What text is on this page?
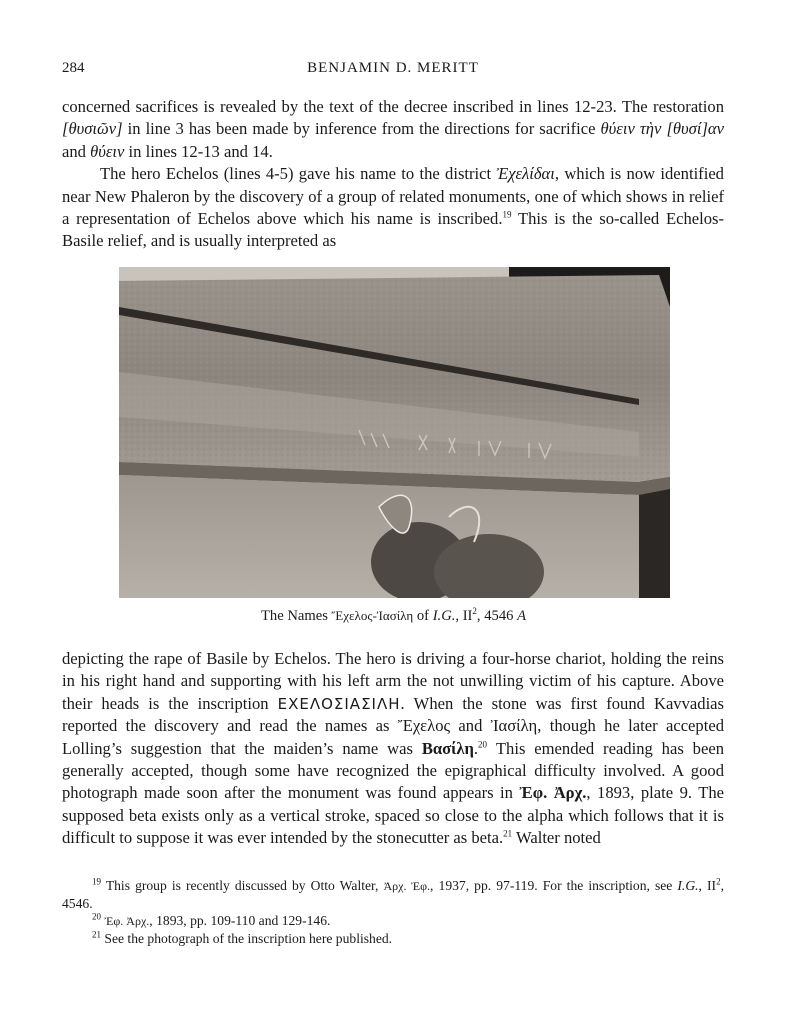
284	BENJAMIN D. MERITT

concerned sacrifices is revealed by the text of the decree inscribed in lines 12-23. The restoration [θυσιῶν] in line 3 has been made by inference from the directions for sacrifice θύειν τὴν [θυσί]αν and θύειν in lines 12-13 and 14.

The hero Echelos (lines 4-5) gave his name to the district Ἐχελίδαι, which is now identified near New Phaleron by the discovery of a group of related monuments, one of which shows in relief a representation of Echelos above which his name is inscribed.$^{19}$ This is the so-called Echelos-Basile relief, and is usually interpreted as

The Names Ἔχελος-Ἰασίλη of I.G., $II^2$, 4546 A

depicting the rape of Basile by Echelos. The hero is driving a four-horse chariot, holding the reins in his right hand and supporting with his left arm the not unwilling victim of his capture. Above their heads is the inscription ΕΧΕΛΟΣΙΑΣΙΛΗ. When the stone was first found Kavvadias reported the discovery and read the names as Ἔχελος and Ἰασίλη, though he later accepted Lolling’s suggestion that the maiden’s name was Βασίλη.$^{20}$ This emended reading has been generally accepted, though some have recognized the epigraphical difficulty involved. A good photograph made soon after the monument was found appears in Ἐφ. Ἀρχ., 1893, plate 9. The supposed beta exists only as a vertical stroke, spaced so close to the alpha which follows that it is difficult to suppose it was ever intended by the stonecutter as beta.$^{21}$ Walter noted

$^{19}$ This group is recently discussed by Otto Walter, Ἀρχ. Ἐφ., 1937, pp. 97-119. For the inscription, see I.G., $II^2$, 4546.

$^{20}$ Ἐφ. Ἀρχ., 1893, pp. 109-110 and 129-146.

$^{21}$ See the photograph of the inscription here published.
